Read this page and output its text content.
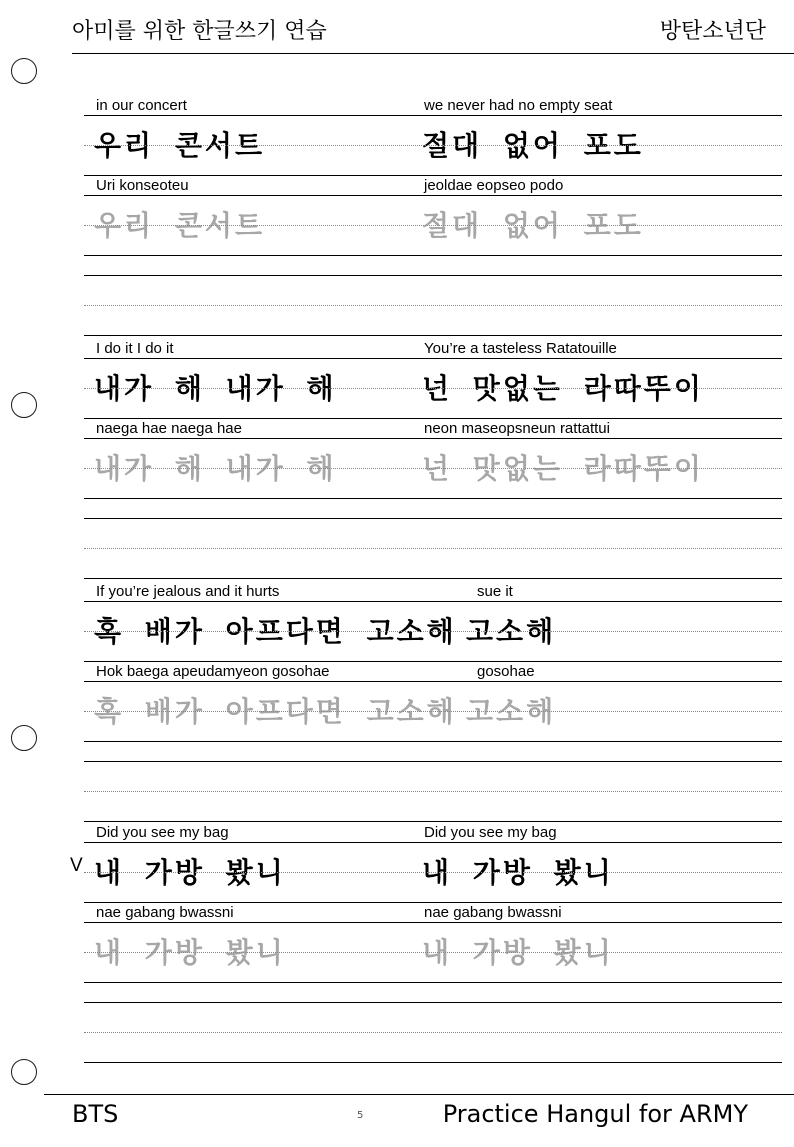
아미를 위한 한글쓰기 연습	방탄소년단
in our concert	we never had no empty seat
우리 콘서트	절대 없어 포도
Uri konseoteu	jeoldae eopseo podo
우리 콘서트	절대 없어 포도
I do it I do it	You’re a tasteless Ratatouille
내가 해 내가 해	넌 맛없는 라따뚜이
naega hae naega hae	neon maseopsneun rattattui
내가 해 내가 해	넌 맛없는 라따뚜이
If you’re jealous and it hurts	sue it
혹 배가 아프다면 고소해 고소해
Hok baega apeudamyeon gosohae	gosohae
혹 배가 아프다면 고소해 고소해
Did you see my bag	Did you see my bag
내 가방 봤니	내 가방 봤니
nae gabang bwassni	nae gabang bwassni
내 가방 봤니	내 가방 봤니
V
BTS	5	Practice Hangul for ARMY
